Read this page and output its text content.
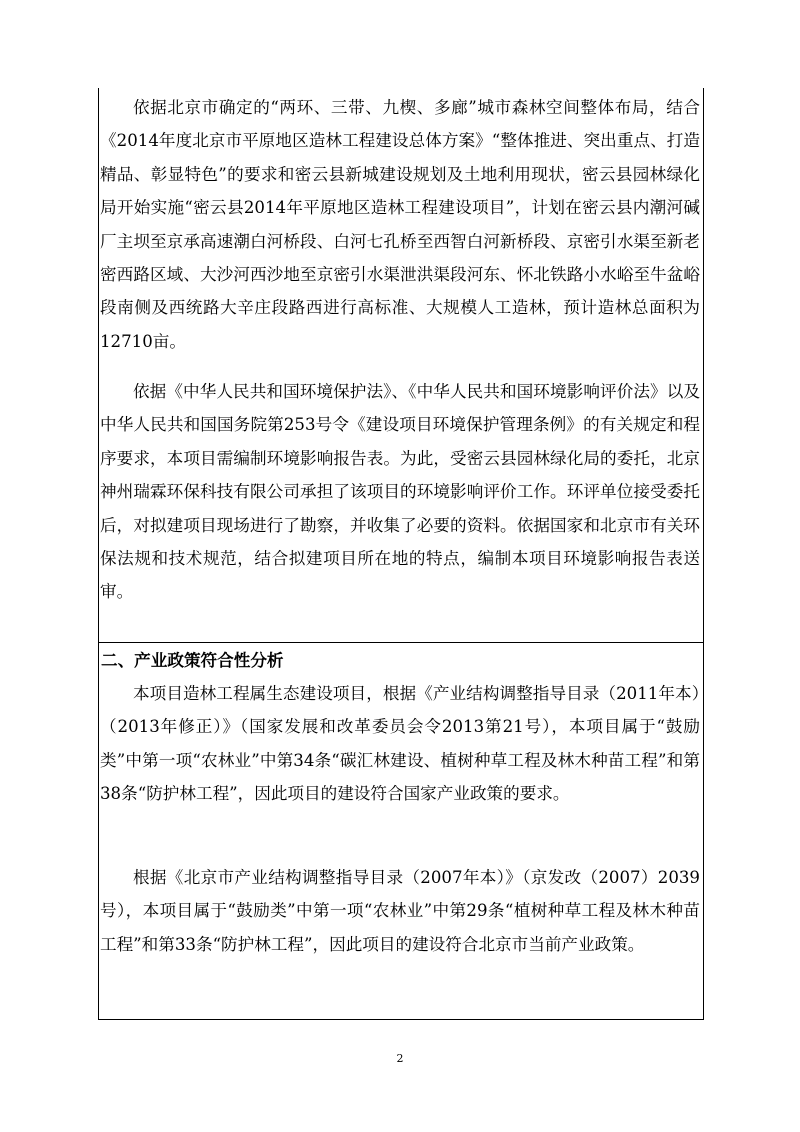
依据北京市确定的“两环、三带、九楔、多廊”城市森林空间整体布局，结合《2014年度北京市平原地区造林工程建设总体方案》“整体推进、突出重点、打造精品、彰显特色”的要求和密云县新城建设规划及土地利用现状，密云县园林绿化局开始实施“密云县2014年平原地区造林工程建设项目”，计划在密云县内潮河碱厂主坝至京承高速潮白河桥段、白河七孔桥至西智白河新桥段、京密引水渠至新老密西路区域、大沙河西沙地至京密引水渠泄洪渠段河东、怀北铁路小水峪至牛盆峪段南侧及西统路大辛庄段路西进行高标准、大规模人工造林，预计造林总面积为12710亩。

依据《中华人民共和国环境保护法》、《中华人民共和国环境影响评价法》以及中华人民共和国国务院第253号令《建设项目环境保护管理条例》的有关规定和程序要求，本项目需编制环境影响报告表。为此，受密云县园林绿化局的委托，北京神州瑞霖环保科技有限公司承担了该项目的环境影响评价工作。环评单位接受委托后，对拟建项目现场进行了勘察，并收集了必要的资料。依据国家和北京市有关环保法规和技术规范，结合拟建项目所在地的特点，编制本项目环境影响报告表送审。

二、产业政策符合性分析

本项目造林工程属生态建设项目，根据《产业结构调整指导目录（2011年本）（2013年修正）》（国家发展和改革委员会令2013第21号），本项目属于“鼓励类”中第一项“农林业”中第34条“碳汇林建设、植树种草工程及林木种苗工程”和第38条“防护林工程”，因此项目的建设符合国家产业政策的要求。

根据《北京市产业结构调整指导目录（2007年本）》（京发改（2007）2039号），本项目属于“鼓励类”中第一项“农林业”中第29条“植树种草工程及林木种苗工程”和第33条“防护林工程”，因此项目的建设符合北京市当前产业政策。

2
